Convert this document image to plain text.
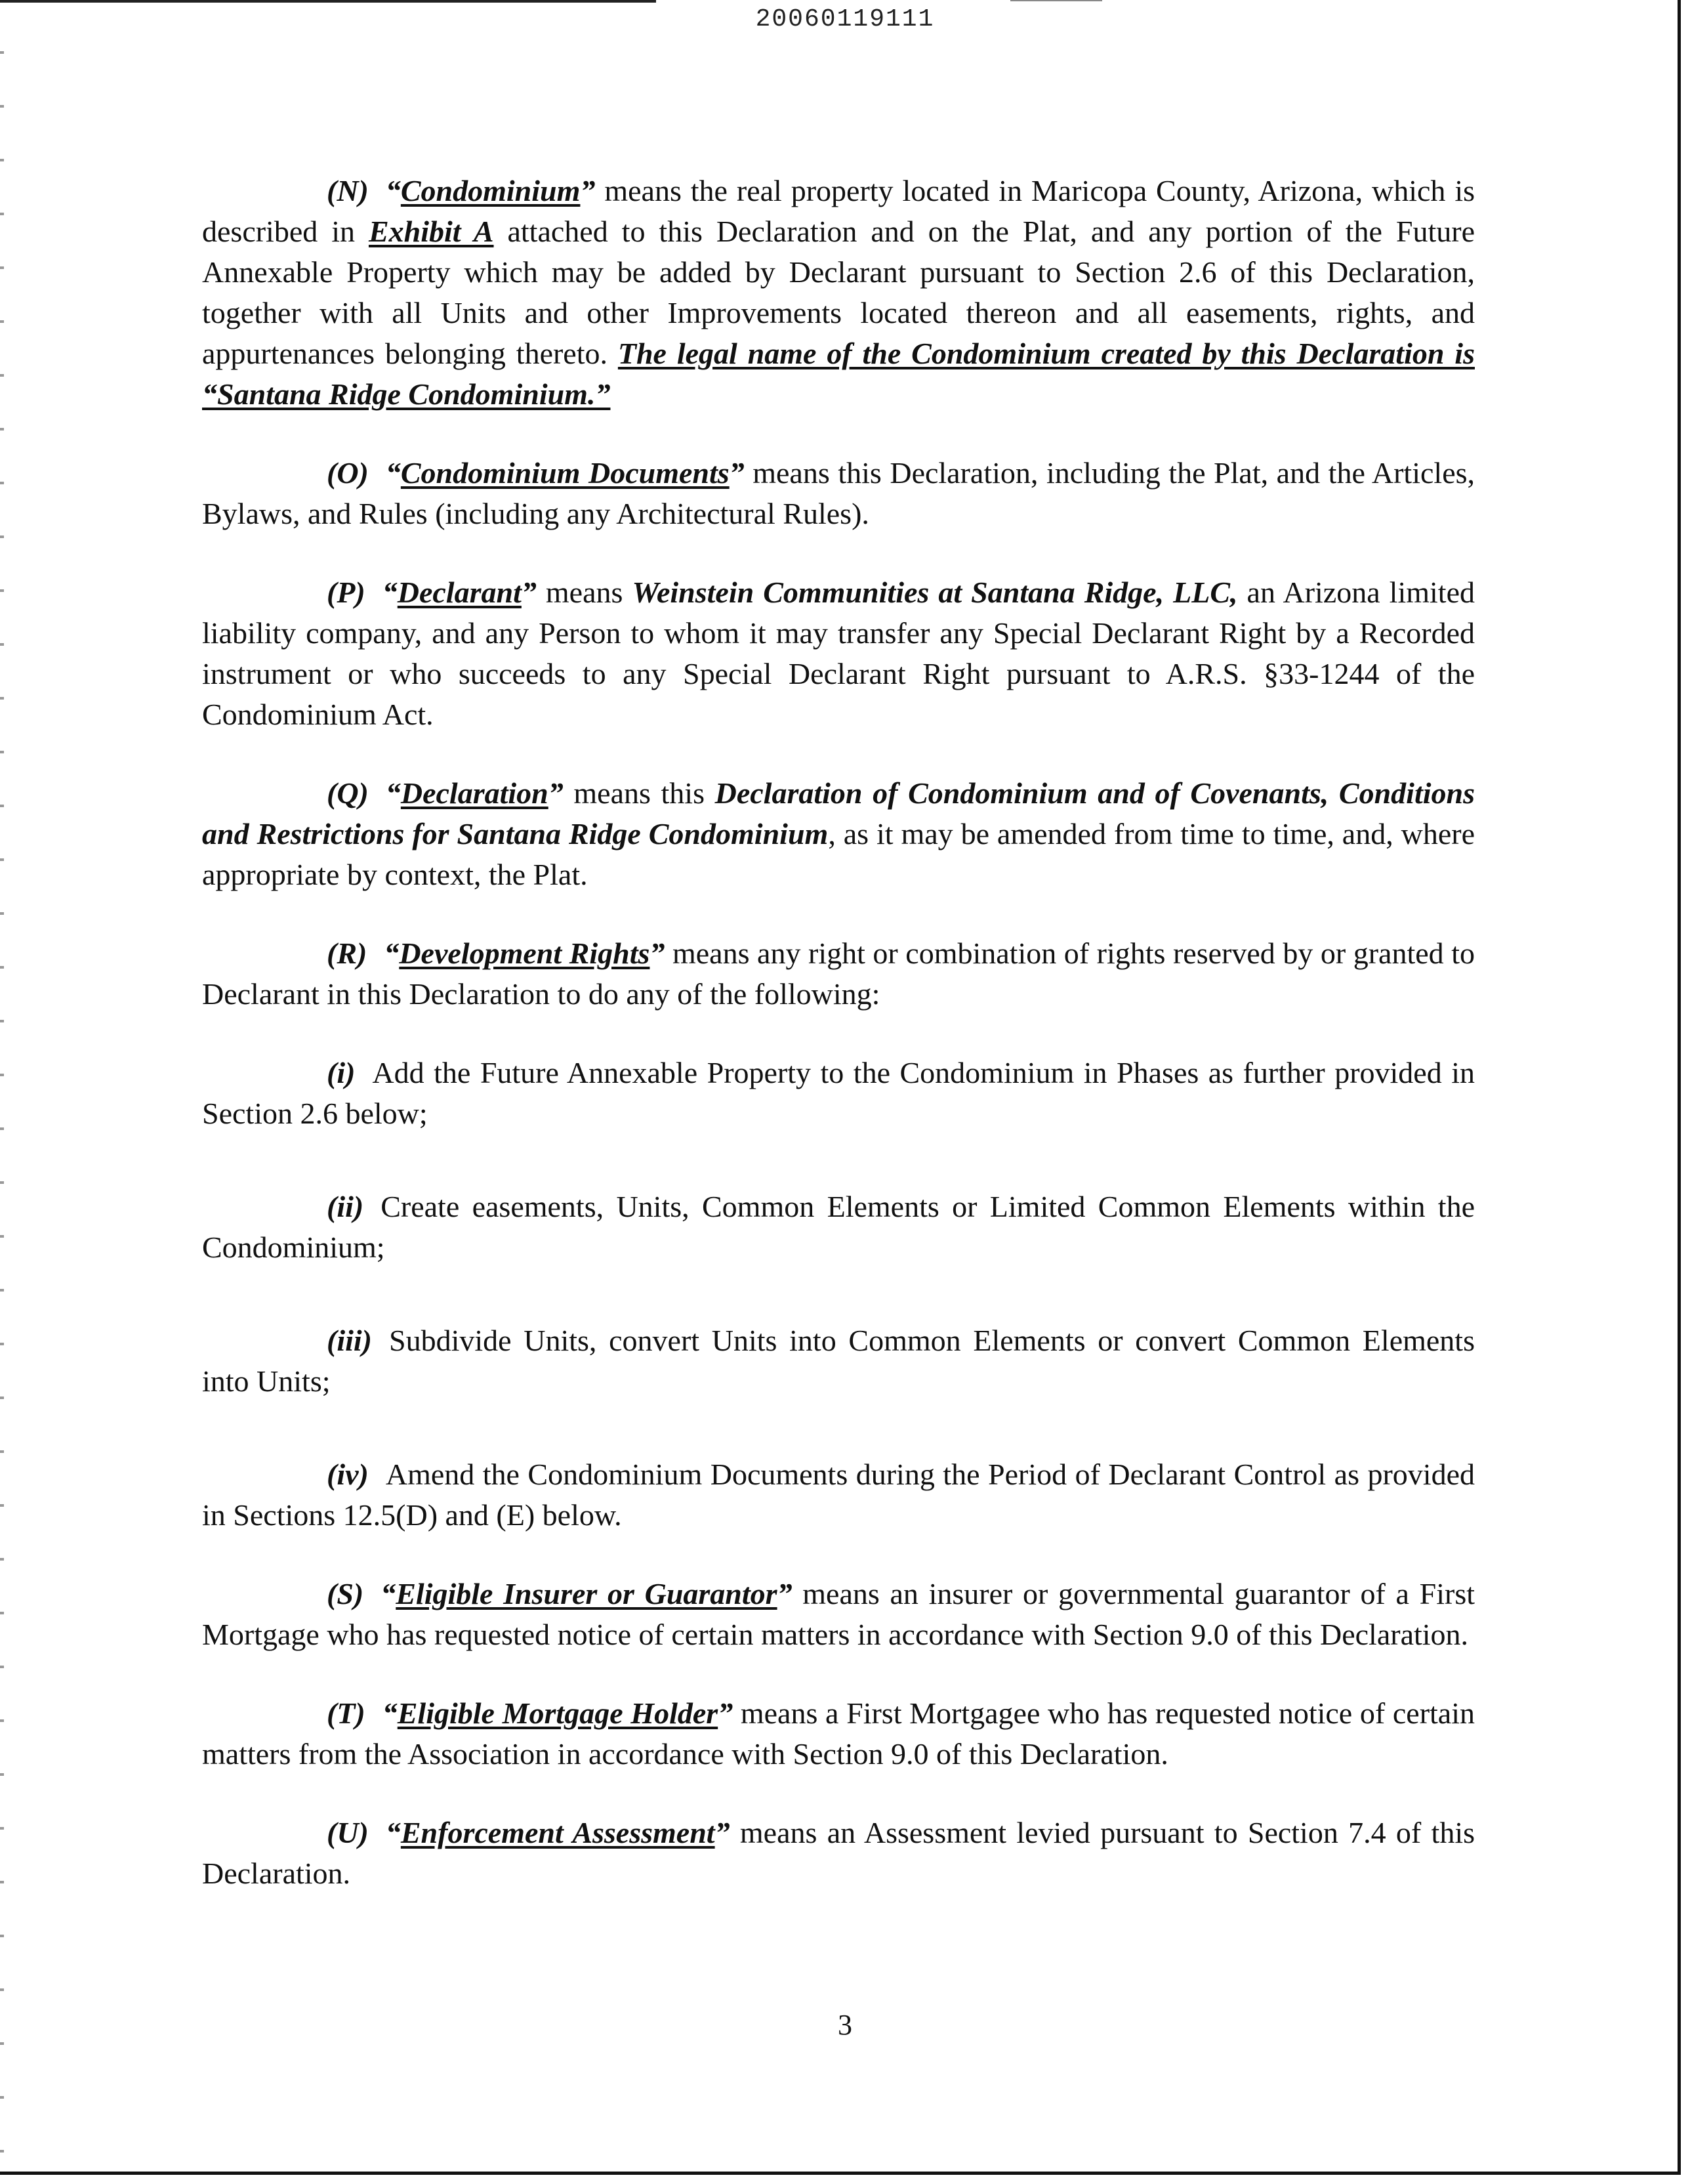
20060119111

(N) “Condominium” means the real property located in Maricopa County, Arizona, which is described in Exhibit A attached to this Declaration and on the Plat, and any portion of the Future Annexable Property which may be added by Declarant pursuant to Section 2.6 of this Declaration, together with all Units and other Improvements located thereon and all easements, rights, and appurtenances belonging thereto. The legal name of the Condominium created by this Declaration is “Santana Ridge Condominium.”

(O) “Condominium Documents” means this Declaration, including the Plat, and the Articles, Bylaws, and Rules (including any Architectural Rules).

(P) “Declarant” means Weinstein Communities at Santana Ridge, LLC, an Arizona limited liability company, and any Person to whom it may transfer any Special Declarant Right by a Recorded instrument or who succeeds to any Special Declarant Right pursuant to A.R.S. §33-1244 of the Condominium Act.

(Q) “Declaration” means this Declaration of Condominium and of Covenants, Conditions and Restrictions for Santana Ridge Condominium, as it may be amended from time to time, and, where appropriate by context, the Plat.

(R) “Development Rights” means any right or combination of rights reserved by or granted to Declarant in this Declaration to do any of the following:

(i) Add the Future Annexable Property to the Condominium in Phases as further provided in Section 2.6 below;

(ii) Create easements, Units, Common Elements or Limited Common Elements within the Condominium;

(iii) Subdivide Units, convert Units into Common Elements or convert Common Elements into Units;

(iv) Amend the Condominium Documents during the Period of Declarant Control as provided in Sections 12.5(D) and (E) below.

(S) “Eligible Insurer or Guarantor” means an insurer or governmental guarantor of a First Mortgage who has requested notice of certain matters in accordance with Section 9.0 of this Declaration.

(T) “Eligible Mortgage Holder” means a First Mortgagee who has requested notice of certain matters from the Association in accordance with Section 9.0 of this Declaration.

(U) “Enforcement Assessment” means an Assessment levied pursuant to Section 7.4 of this Declaration.

3
